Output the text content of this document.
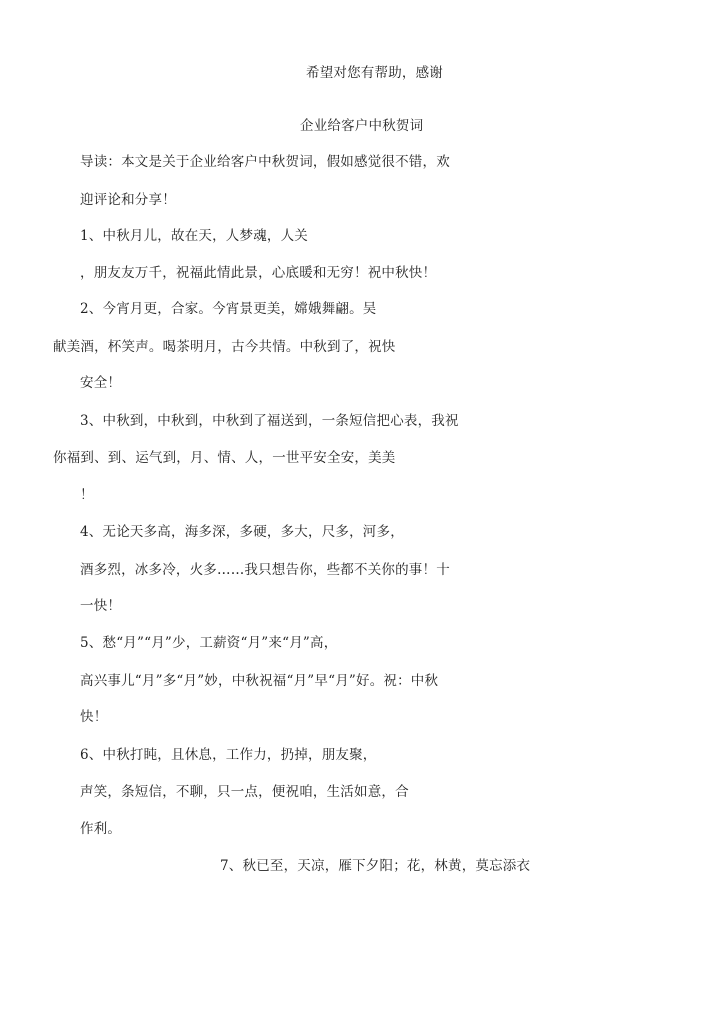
希望对您有帮助，感谢
企业给客户中秋贺词
导读：本文是关于企业给客户中秋贺词，假如感觉很不错，欢
迎评论和分享！
1、中秋月儿，故在天，人梦魂，人关
，朋友友万千，祝福此情此景，心底暖和无穷！祝中秋快！
2、今宵月更，合家。今宵景更美，嫦娥舞翩。吴
献美酒，杯笑声。喝茶明月，古今共情。中秋到了，祝快
安全！
3、中秋到，中秋到，中秋到了福送到，一条短信把心表，我祝
你福到、到、运气到，月、情、人，一世平安全安，美美
！
4、无论天多高，海多深，多硬，多大，尺多，河多，
酒多烈，冰多冷，火多……我只想告你，些都不关你的事！十
一快！
5、愁“月”“月”少，工薪资“月”来“月”高，
高兴事儿“月”多“月”妙，中秋祝福“月”早“月”好。祝：中秋
快！
6、中秋打盹，且休息，工作力，扔掉，朋友聚，
声笑，条短信，不聊，只一点，便祝咱，生活如意，合
作利。
7、秋已至，天凉，雁下夕阳；花，林黄，莫忘添衣
